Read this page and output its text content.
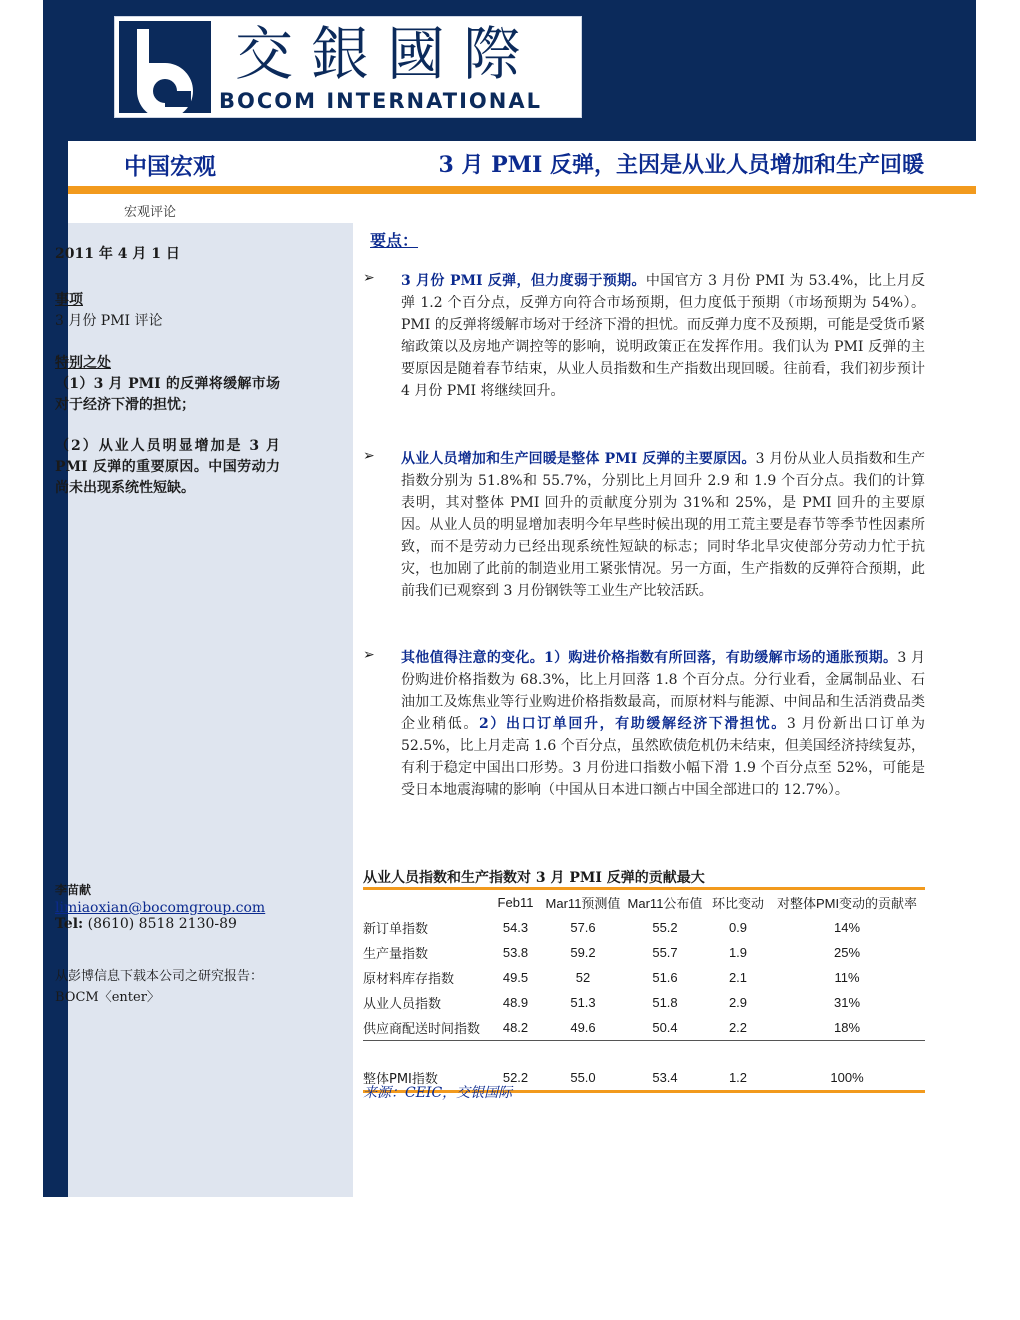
交銀國際
BOCOM INTERNATIONAL
中国宏观	3 月 PMI 反弹，主因是从业人员增加和生产回暖
宏观评论
2011 年 4 月 1 日
事项
3 月份 PMI 评论
特别之处
（1）3 月 PMI 的反弹将缓解市场对于经济下滑的担忧；
（2）从业人员明显增加是 3 月 PMI 反弹的重要原因。中国劳动力尚未出现系统性短缺。
李苗献
limiaoxian@bocomgroup.com
Tel: (8610) 8518 2130-89
从彭博信息下载本公司之研究报告：BOCM〈enter〉
要点：
➢ 3 月份 PMI 反弹，但力度弱于预期。中国官方 3 月份 PMI 为 53.4%，比上月反弹 1.2 个百分点，反弹方向符合市场预期，但力度低于预期（市场预期为 54%）。PMI 的反弹将缓解市场对于经济下滑的担忧。而反弹力度不及预期，可能是受货币紧缩政策以及房地产调控等的影响，说明政策正在发挥作用。我们认为 PMI 反弹的主要原因是随着春节结束，从业人员指数和生产指数出现回暖。往前看，我们初步预计 4 月份 PMI 将继续回升。
➢ 从业人员增加和生产回暖是整体 PMI 反弹的主要原因。3 月份从业人员指数和生产指数分别为 51.8%和 55.7%，分别比上月回升 2.9 和 1.9 个百分点。我们的计算表明，其对整体 PMI 回升的贡献度分别为 31%和 25%，是 PMI 回升的主要原因。从业人员的明显增加表明今年早些时候出现的用工荒主要是春节等季节性因素所致，而不是劳动力已经出现系统性短缺的标志；同时华北旱灾使部分劳动力忙于抗灾，也加剧了此前的制造业用工紧张情况。另一方面，生产指数的反弹符合预期，此前我们已观察到 3 月份钢铁等工业生产比较活跃。
➢ 其他值得注意的变化。1）购进价格指数有所回落，有助缓解市场的通胀预期。3 月份购进价格指数为 68.3%，比上月回落 1.8 个百分点。分行业看，金属制品业、石油加工及炼焦业等行业购进价格指数最高，而原材料与能源、中间品和生活消费品类企业稍低。2）出口订单回升，有助缓解经济下滑担忧。3 月份新出口订单为 52.5%，比上月走高 1.6 个百分点，虽然欧债危机仍未结束，但美国经济持续复苏，有利于稳定中国出口形势。3 月份进口指数小幅下滑 1.9 个百分点至 52%，可能是受日本地震海啸的影响（中国从日本进口额占中国全部进口的 12.7%）。
从业人员指数和生产指数对 3 月 PMI 反弹的贡献最大
	Feb11	Mar11预测值	Mar11公布值	环比变动	对整体PMI变动的贡献率
新订单指数	54.3	57.6	55.2	0.9	14%
生产量指数	53.8	59.2	55.7	1.9	25%
原材料库存指数	49.5	52	51.6	2.1	11%
从业人员指数	48.9	51.3	51.8	2.9	31%
供应商配送时间指数	48.2	49.6	50.4	2.2	18%

整体PMI指数	52.2	55.0	53.4	1.2	100%
来源：CEIC，交银国际
